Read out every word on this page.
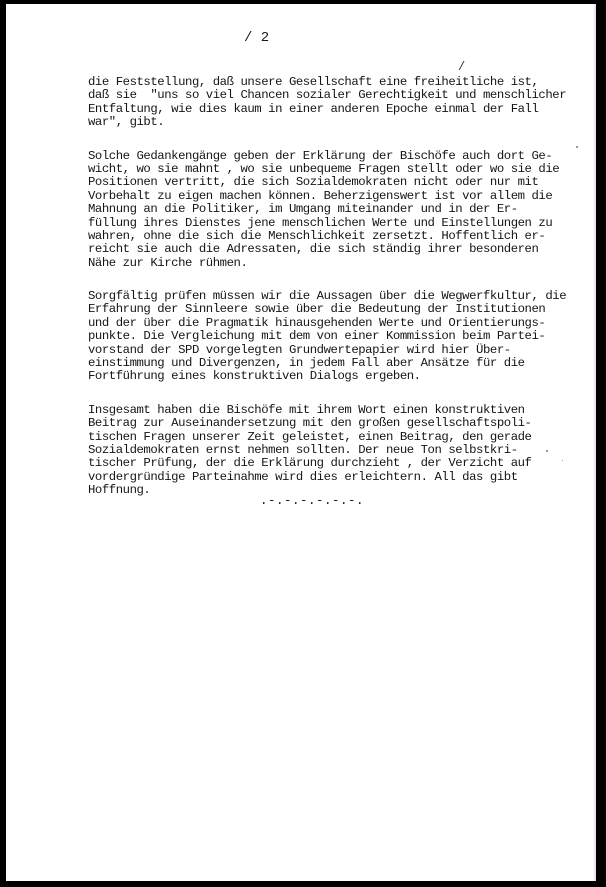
/ 2
/
die Feststellung, daß unsere Gesellschaft eine freiheitliche ist,
daß sie  "uns so viel Chancen sozialer Gerechtigkeit und menschlicher
Entfaltung, wie dies kaum in einer anderen Epoche einmal der Fall
war", gibt.
Solche Gedankengänge geben der Erklärung der Bischöfe auch dort Ge-
wicht, wo sie mahnt , wo sie unbequeme Fragen stellt oder wo sie die
Positionen vertritt, die sich Sozialdemokraten nicht oder nur mit
Vorbehalt zu eigen machen können. Beherzigenswert ist vor allem die
Mahnung an die Politiker, im Umgang miteinander und in der Er-
füllung ihres Dienstes jene menschlichen Werte und Einstellungen zu
wahren, ohne die sich die Menschlichkeit zersetzt. Hoffentlich er-
reicht sie auch die Adressaten, die sich ständig ihrer besonderen
Nähe zur Kirche rühmen.
Sorgfältig prüfen müssen wir die Aussagen über die Wegwerfkultur, die
Erfahrung der Sinnleere sowie über die Bedeutung der Institutionen
und der über die Pragmatik hinausgehenden Werte und Orientierungs-
punkte. Die Vergleichung mit dem von einer Kommission beim Partei-
vorstand der SPD vorgelegten Grundwertepapier wird hier Über-
einstimmung und Divergenzen, in jedem Fall aber Ansätze für die
Fortführung eines konstruktiven Dialogs ergeben.
Insgesamt haben die Bischöfe mit ihrem Wort einen konstruktiven
Beitrag zur Auseinandersetzung mit den großen gesellschaftspoli-
tischen Fragen unserer Zeit geleistet, einen Beitrag, den gerade
Sozialdemokraten ernst nehmen sollten. Der neue Ton selbstkri-
tischer Prüfung, der die Erklärung durchzieht , der Verzicht auf
vordergründige Parteinahme wird dies erleichtern. All das gibt
Hoffnung.
.-.-.-.-.-.-.
